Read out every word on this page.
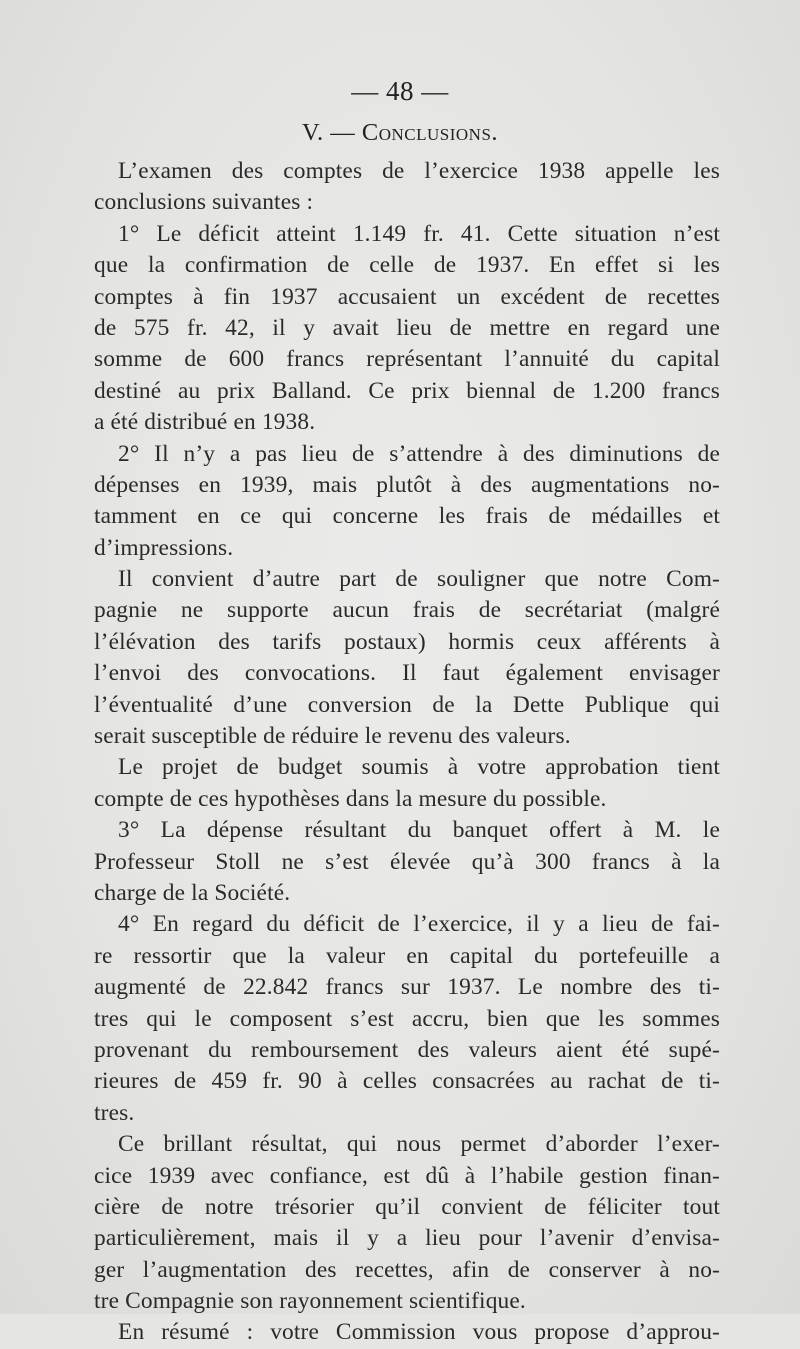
— 48 —
V. — Conclusions.
L’examen des comptes de l’exercice 1938 appelle les
conclusions suivantes :
1° Le déficit atteint 1.149 fr. 41. Cette situation n’est
que la confirmation de celle de 1937. En effet si les
comptes à fin 1937 accusaient un excédent de recettes
de 575 fr. 42, il y avait lieu de mettre en regard une
somme de 600 francs représentant l’annuité du capital
destiné au prix Balland. Ce prix biennal de 1.200 francs
a été distribué en 1938.
2° Il n’y a pas lieu de s’attendre à des diminutions de
dépenses en 1939, mais plutôt à des augmentations no-
tamment en ce qui concerne les frais de médailles et
d’impressions.
Il convient d’autre part de souligner que notre Com-
pagnie ne supporte aucun frais de secrétariat (malgré
l’élévation des tarifs postaux) hormis ceux afférents à
l’envoi des convocations. Il faut également envisager
l’éventualité d’une conversion de la Dette Publique qui
serait susceptible de réduire le revenu des valeurs.
Le projet de budget soumis à votre approbation tient
compte de ces hypothèses dans la mesure du possible.
3° La dépense résultant du banquet offert à M. le
Professeur Stoll ne s’est élevée qu’à 300 francs à la
charge de la Société.
4° En regard du déficit de l’exercice, il y a lieu de fai-
re ressortir que la valeur en capital du portefeuille a
augmenté de 22.842 francs sur 1937. Le nombre des ti-
tres qui le composent s’est accru, bien que les sommes
provenant du remboursement des valeurs aient été supé-
rieures de 459 fr. 90 à celles consacrées au rachat de ti-
tres.
Ce brillant résultat, qui nous permet d’aborder l’exer-
cice 1939 avec confiance, est dû à l’habile gestion finan-
cière de notre trésorier qu’il convient de féliciter tout
particulièrement, mais il y a lieu pour l’avenir d’envisa-
ger l’augmentation des recettes, afin de conserver à no-
tre Compagnie son rayonnement scientifique.
En résumé : votre Commission vous propose d’approu-
